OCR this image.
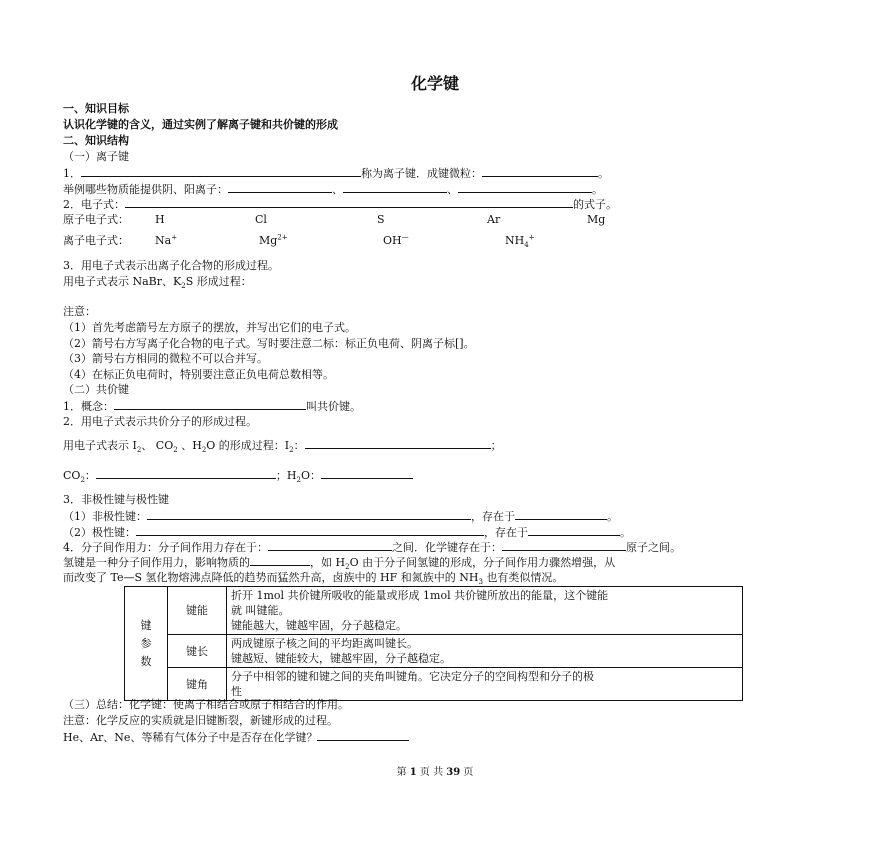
化学键
一、知识目标
认识化学键的含义，通过实例了解离子键和共价键的形成
二、知识结构
（一）离子键
1．	称为离子键．成键微粒：	。
举例哪些物质能提供阴、阳离子：	、	、	。
2．电子式：	的式子。
原子电子式： H	Cl	S	Ar	Mg
离子电子式： Na+	$Mg^{2+}$	OH—	$NH_4^+$
3．用电子式表示出离子化合物的形成过程。
用电子式表示 NaBr、$K_2S$ 形成过程：
注意：
（1）首先考虑箭号左方原子的摆放，并写出它们的电子式。
（2）箭号右方写离子化合物的电子式。写时要注意二标：标正负电荷、阴离子标[]。
（3）箭号右方相同的微粒不可以合并写。
（4）在标正负电荷时，特别要注意正负电荷总数相等。
（二）共价键
1．概念：	叫共价键。
2．用电子式表示共价分子的形成过程。
用电子式表示 $I_2$、 $CO_2$ 、$H_2O$ 的形成过程：$I_2$：	；
$CO_2$：	；$H_2O$：
3．非极性键与极性键
（1）非极性键：	，存在于	。
（2）极性键：	，存在于	。
4．分子间作用力：分子间作用力存在于：	之间．化学键存在于：	原子之间。
氢键是一种分子间作用力，影响物质的	，如 $H_2O$ 由于分子间氢键的形成，分子间作用力骤然增强，从
而改变了 Te—S 氢化物熔沸点降低的趋势而猛然升高，卤族中的 HF 和氮族中的 $NH_3$ 也有类似情况。
键参数	键能	折开 1mol 共价键所吸收的能量或形成 1mol 共价键所放出的能量，这个键能
就 叫键能。
键能越大，键越牢固，分子越稳定。

	键长	两成键原子核之间的平均距离叫键长。
键越短、键能较大，键越牢固，分子越稳定。

	键角	分子中相邻的键和键之间的夹角叫键角。它决定分子的空间构型和分子的极
性
（三）总结：化学键：使离子相结合或原子相结合的作用。
注意：化学反应的实质就是旧键断裂，新键形成的过程。
He、Ar、Ne、等稀有气体分子中是否存在化学键？
第 1 页 共 39 页
